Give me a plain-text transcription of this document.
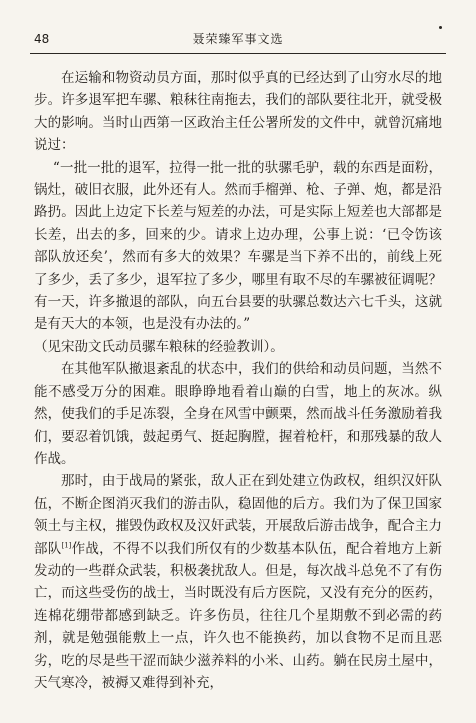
48	聂荣臻军事文选

在运输和物资动员方面，那时似乎真的已经达到了山穷水尽的地步。许多退军把车骡、粮秣往南拖去，我们的部队要往北开，就受极大的影响。当时山西第一区政治主任公署所发的文件中，就曾沉痛地说过：

“一批一批的退军，拉得一批一批的驮骡毛驴，载的东西是面粉，锅灶，破旧衣服，此外还有人。然而手榴弹、枪、子弹、炮，都是沿路扔。因此上边定下长差与短差的办法，可是实际上短差也大部都是长差，出去的多，回来的少。请求上边办理，公事上说：‘已令饬该部队放还矣’，然而有多大的效果？车骡是当下养不出的，前线上死了多少，丢了多少，退军拉了多少，哪里有取不尽的车骡被征调呢？有一天，许多撤退的部队，向五台县要的驮骡总数达六七千头，这就是有天大的本领，也是没有办法的。”

（见宋劭文氏动员骡车粮秣的经验教训）。

在其他军队撤退紊乱的状态中，我们的供给和动员问题，当然不能不感受万分的困难。眼睁睁地看着山巅的白雪，地上的灰冰。纵然，使我们的手足冻裂，全身在风雪中颤栗，然而战斗任务激励着我们，要忍着饥饿，鼓起勇气、挺起胸膛，握着枪杆，和那残暴的敌人作战。

那时，由于战局的紧张，敌人正在到处建立伪政权，组织汉奸队伍，不断企图消灭我们的游击队，稳固他的后方。我们为了保卫国家领土与主权，摧毁伪政权及汉奸武装，开展敌后游击战争，配合主力部队[1]作战，不得不以我们所仅有的少数基本队伍，配合着地方上新发动的一些群众武装，积极袭扰敌人。但是，每次战斗总免不了有伤亡，而这些受伤的战士，当时既没有后方医院，又没有充分的医药，连棉花绷带都感到缺乏。许多伤员，往往几个星期敷不到必需的药剂，就是勉强能敷上一点，许久也不能换药，加以食物不足而且恶劣，吃的尽是些干涩而缺少滋养料的小米、山药。躺在民房土屋中，天气寒冷，被褥又难得到补充，
